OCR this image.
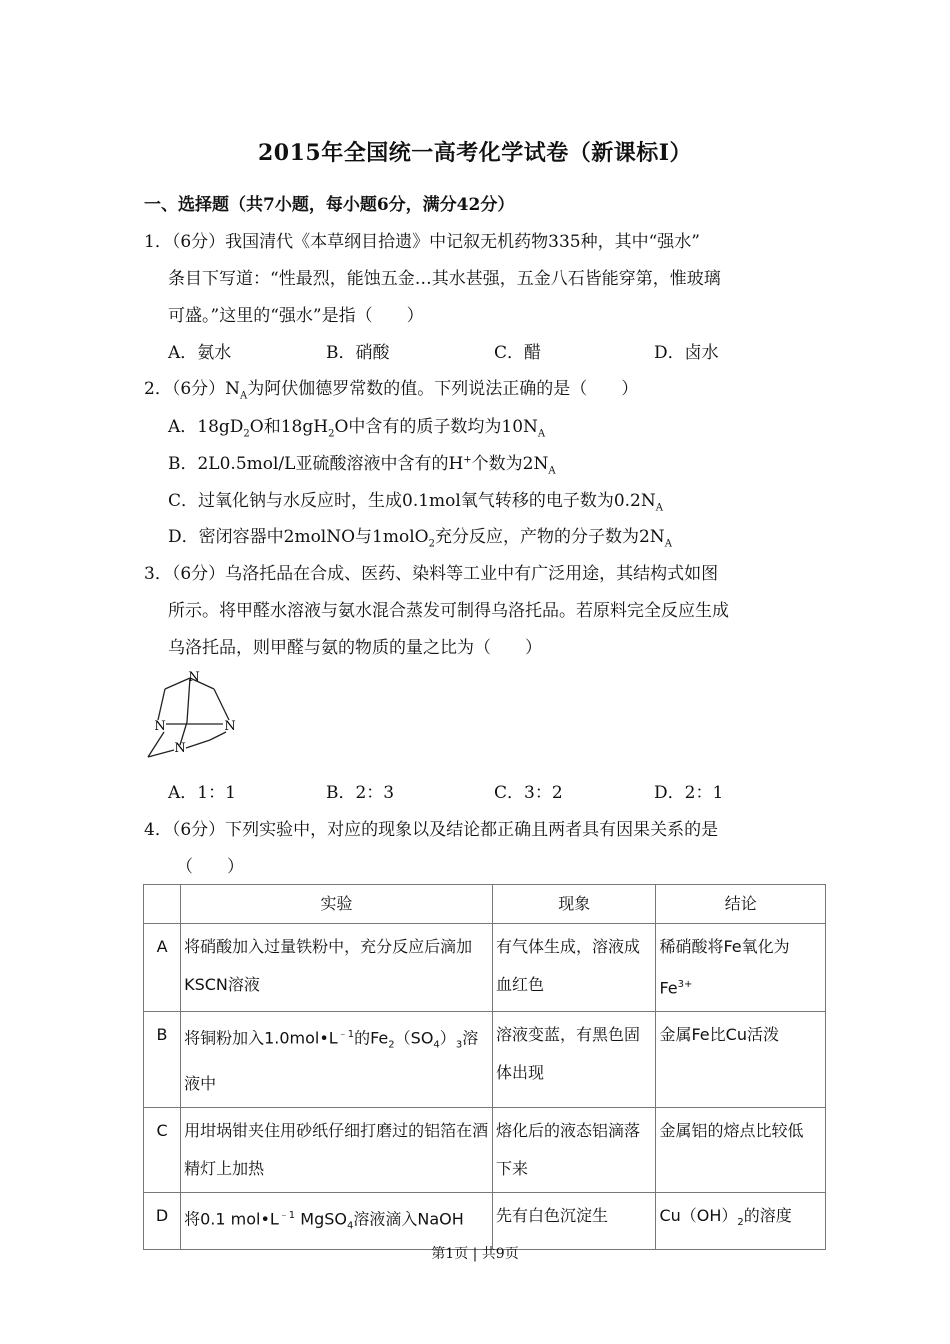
2015年全国统一高考化学试卷（新课标Ⅰ）
一、选择题（共7小题，每小题6分，满分42分）
1．（6分）我国清代《本草纲目拾遗》中记叙无机药物335种，其中“强水”
条目下写道：“性最烈，能蚀五金…其水甚强，五金八石皆能穿第，惟玻璃
可盛。”这里的“强水”是指（　　）
A．氨水	B．硝酸	C．醋	D．卤水
2．（6分）$N_A$为阿伏伽德罗常数的值。下列说法正确的是（　　）
A．$18gD_2O$和$18gH_2O$中含有的质子数均为$10N_A$
B．2L0.5mol/L亚硫酸溶液中含有的H+个数为$2N_A$
C．过氧化钠与水反应时，生成0.1mol氧气转移的电子数为$0.2N_A$
D．密闭容器中2molNO与1molO$_2$充分反应，产物的分子数为$2N_A$
3．（6分）乌洛托品在合成、医药、染料等工业中有广泛用途，其结构式如图
所示。将甲醛水溶液与氨水混合蒸发可制得乌洛托品。若原料完全反应生成
乌洛托品，则甲醛与氨的物质的量之比为（　　）
N
N	N
N
A．1：1	B．2：3	C．3：2	D．2：1
4．（6分）下列实验中，对应的现象以及结论都正确且两者具有因果关系的是
（　　）
	实验	现象	结论
A	将硝酸加入过量铁粉中，充分反应后滴加KSCN溶液	有气体生成，溶液成血红色	稀硝酸将Fe氧化为$Fe^{3+}$
B	将铜粉加入$1.0mol•L^{﹣1}$的$Fe_2(SO_4)_3$溶液中	溶液变蓝，有黑色固体出现	金属Fe比Cu活泼
C	用坩埚钳夹住用砂纸仔细打磨过的铝箔在酒精灯上加热	熔化后的液态铝滴落下来	金属铝的熔点比较低
D	将0.1 $mol•L^{﹣1}$ MgSO$_4$溶液滴入NaOH	先有白色沉淀生	$Cu(OH)_2$的溶度
第1页 | 共9页
